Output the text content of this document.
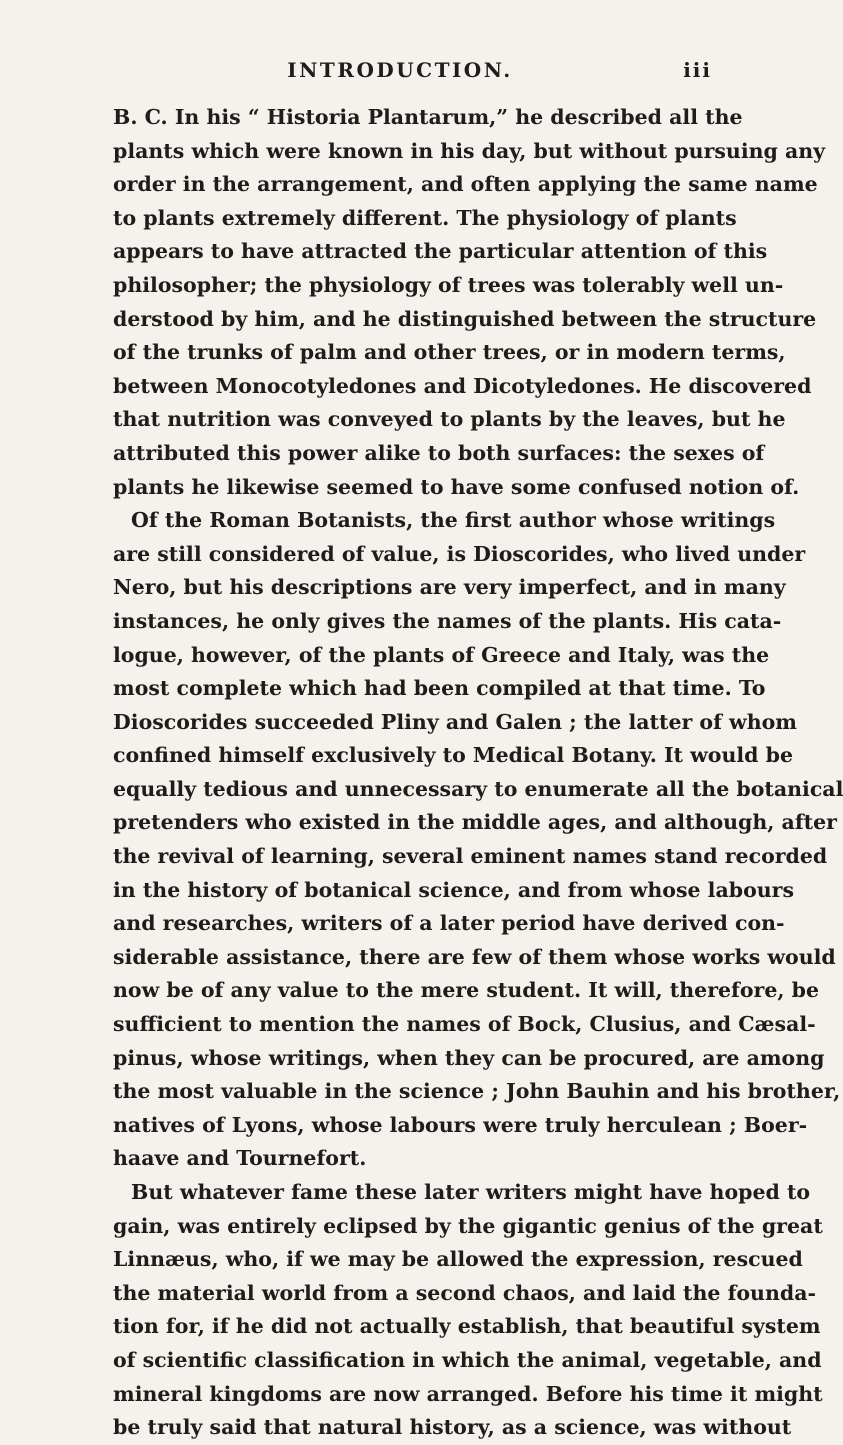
INTRODUCTION.	iii
B. C. In his “ Historia Plantarum,” he described all the
plants which were known in his day, but without pursuing any
order in the arrangement, and often applying the same name
to plants extremely different. The physiology of plants
appears to have attracted the particular attention of this
philosopher; the physiology of trees was tolerably well un-
derstood by him, and he distinguished between the structure
of the trunks of palm and other trees, or in modern terms,
between Monocotyledones and Dicotyledones. He discovered
that nutrition was conveyed to plants by the leaves, but he
attributed this power alike to both surfaces: the sexes of
plants he likewise seemed to have some confused notion of.
Of the Roman Botanists, the first author whose writings
are still considered of value, is Dioscorides, who lived under
Nero, but his descriptions are very imperfect, and in many
instances, he only gives the names of the plants. His cata-
logue, however, of the plants of Greece and Italy, was the
most complete which had been compiled at that time. To
Dioscorides succeeded Pliny and Galen ; the latter of whom
confined himself exclusively to Medical Botany. It would be
equally tedious and unnecessary to enumerate all the botanical
pretenders who existed in the middle ages, and although, after
the revival of learning, several eminent names stand recorded
in the history of botanical science, and from whose labours
and researches, writers of a later period have derived con-
siderable assistance, there are few of them whose works would
now be of any value to the mere student. It will, therefore, be
sufficient to mention the names of Bock, Clusius, and Cæsal-
pinus, whose writings, when they can be procured, are among
the most valuable in the science ; John Bauhin and his brother,
natives of Lyons, whose labours were truly herculean ; Boer-
haave and Tournefort.
But whatever fame these later writers might have hoped to
gain, was entirely eclipsed by the gigantic genius of the great
Linnæus, who, if we may be allowed the expression, rescued
the material world from a second chaos, and laid the founda-
tion for, if he did not actually establish, that beautiful system
of scientific classification in which the animal, vegetable, and
mineral kingdoms are now arranged. Before his time it might
be truly said that natural history, as a science, was without
